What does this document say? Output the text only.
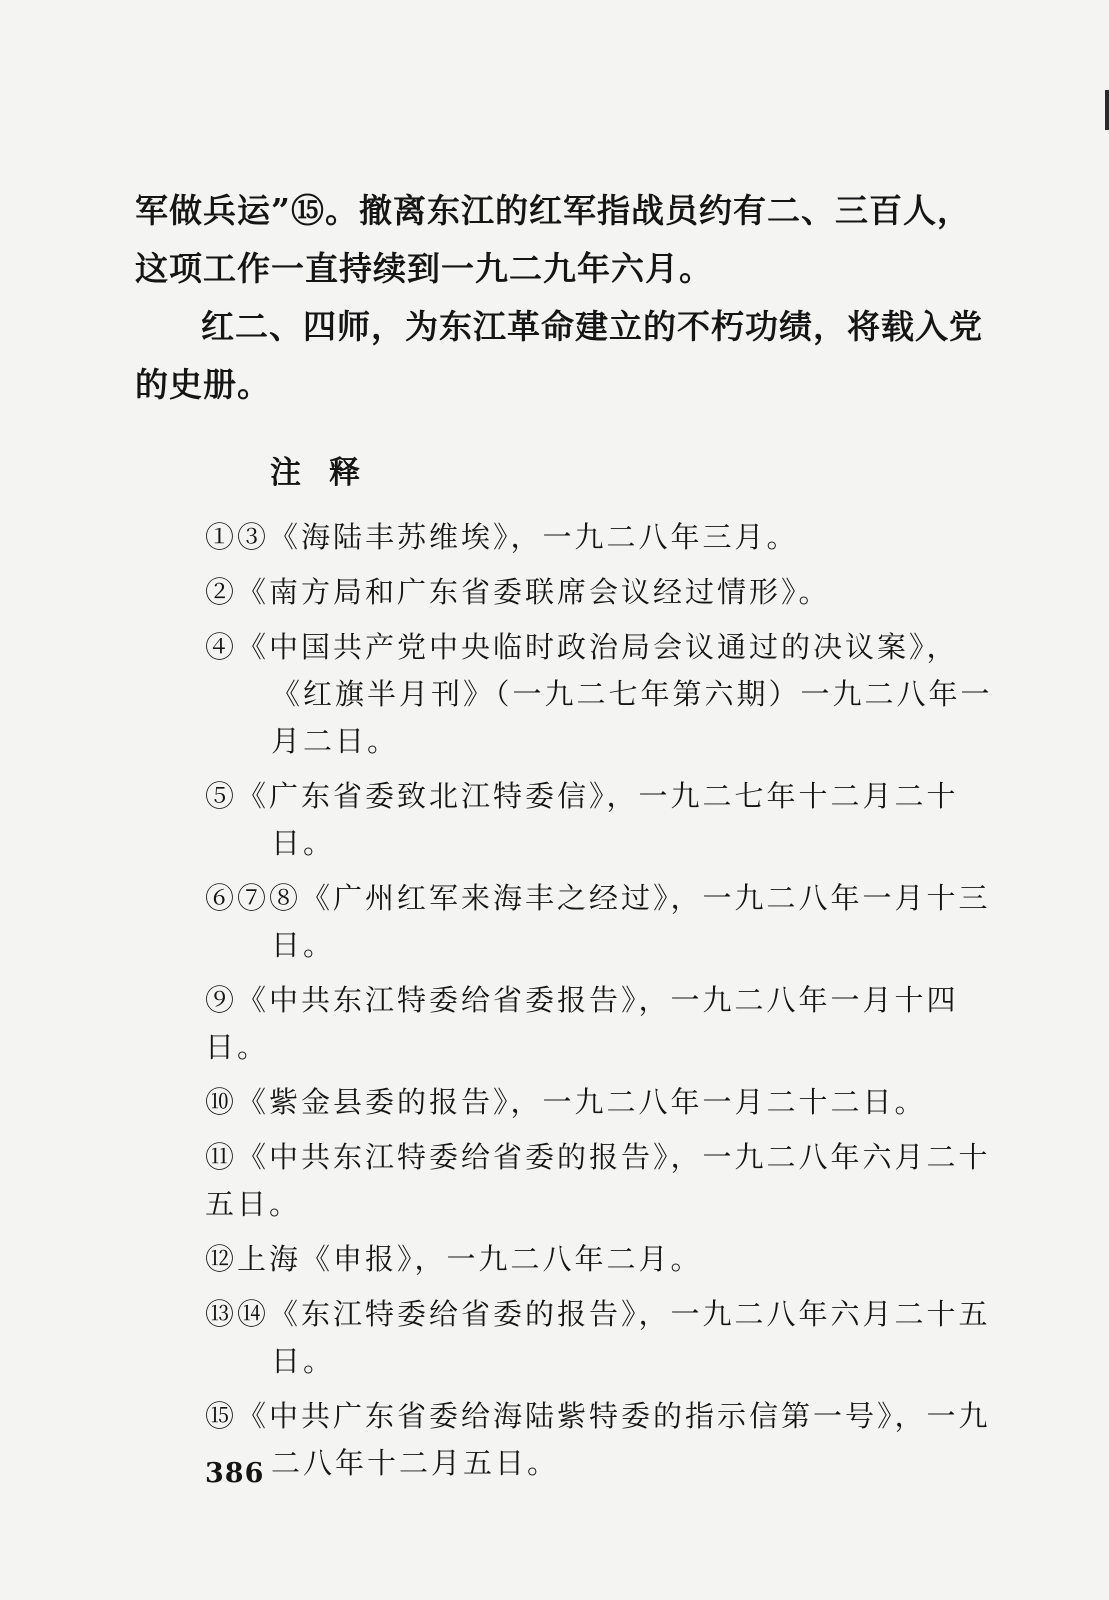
军做兵运”⑮。撤离东江的红军指战员约有二、三百人，这项工作一直持续到一九二九年六月。

红二、四师，为东江革命建立的不朽功绩，将载入党的史册。

注释

①③《海陆丰苏维埃》，一九二八年三月。

②《南方局和广东省委联席会议经过情形》。

④《中国共产党中央临时政治局会议通过的决议案》，《红旗半月刊》（一九二七年第六期）一九二八年一月二日。

⑤《广东省委致北江特委信》，一九二七年十二月二十日。

⑥⑦⑧《广州红军来海丰之经过》，一九二八年一月十三日。

⑨《中共东江特委给省委报告》，一九二八年一月十四日。

⑩《紫金县委的报告》，一九二八年一月二十二日。

⑪《中共东江特委给省委的报告》，一九二八年六月二十五日。

⑫上海《申报》，一九二八年二月。

⑬⑭《东江特委给省委的报告》，一九二八年六月二十五日。

⑮《中共广东省委给海陆紫特委的指示信第一号》，一九二八年十二月五日。

386
